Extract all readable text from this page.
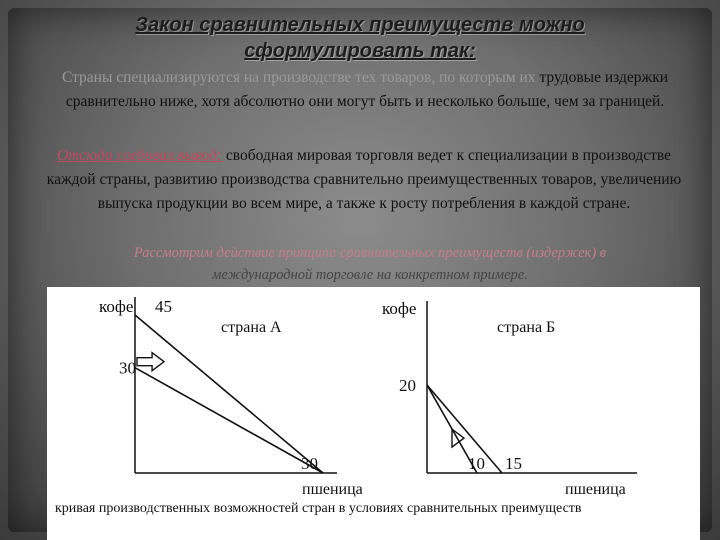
Закон сравнительных преимуществ можно
сформулировать так:
Страны специализируются на производстве тех товаров, по которым их трудовые издержки сравнительно ниже, хотя абсолютно они могут быть и несколько больше, чем за границей.
Отсюда следовал вывод: свободная мировая торговля ведет к специализации в производстве каждой страны, развитию производства сравнительно преимущественных товаров, увеличению выпуска продукции во всем мире, а также к росту потребления в каждой стране.
Рассмотрим действие принципа сравнительных преимуществ (издержек) в
международной торговле на конкретном примере.
кофе 45
30
30
страна А
пшеница
кофе
20
10 15
страна Б
пшеница
кривая производственных возможностей стран в условиях сравнительных преимуществ
